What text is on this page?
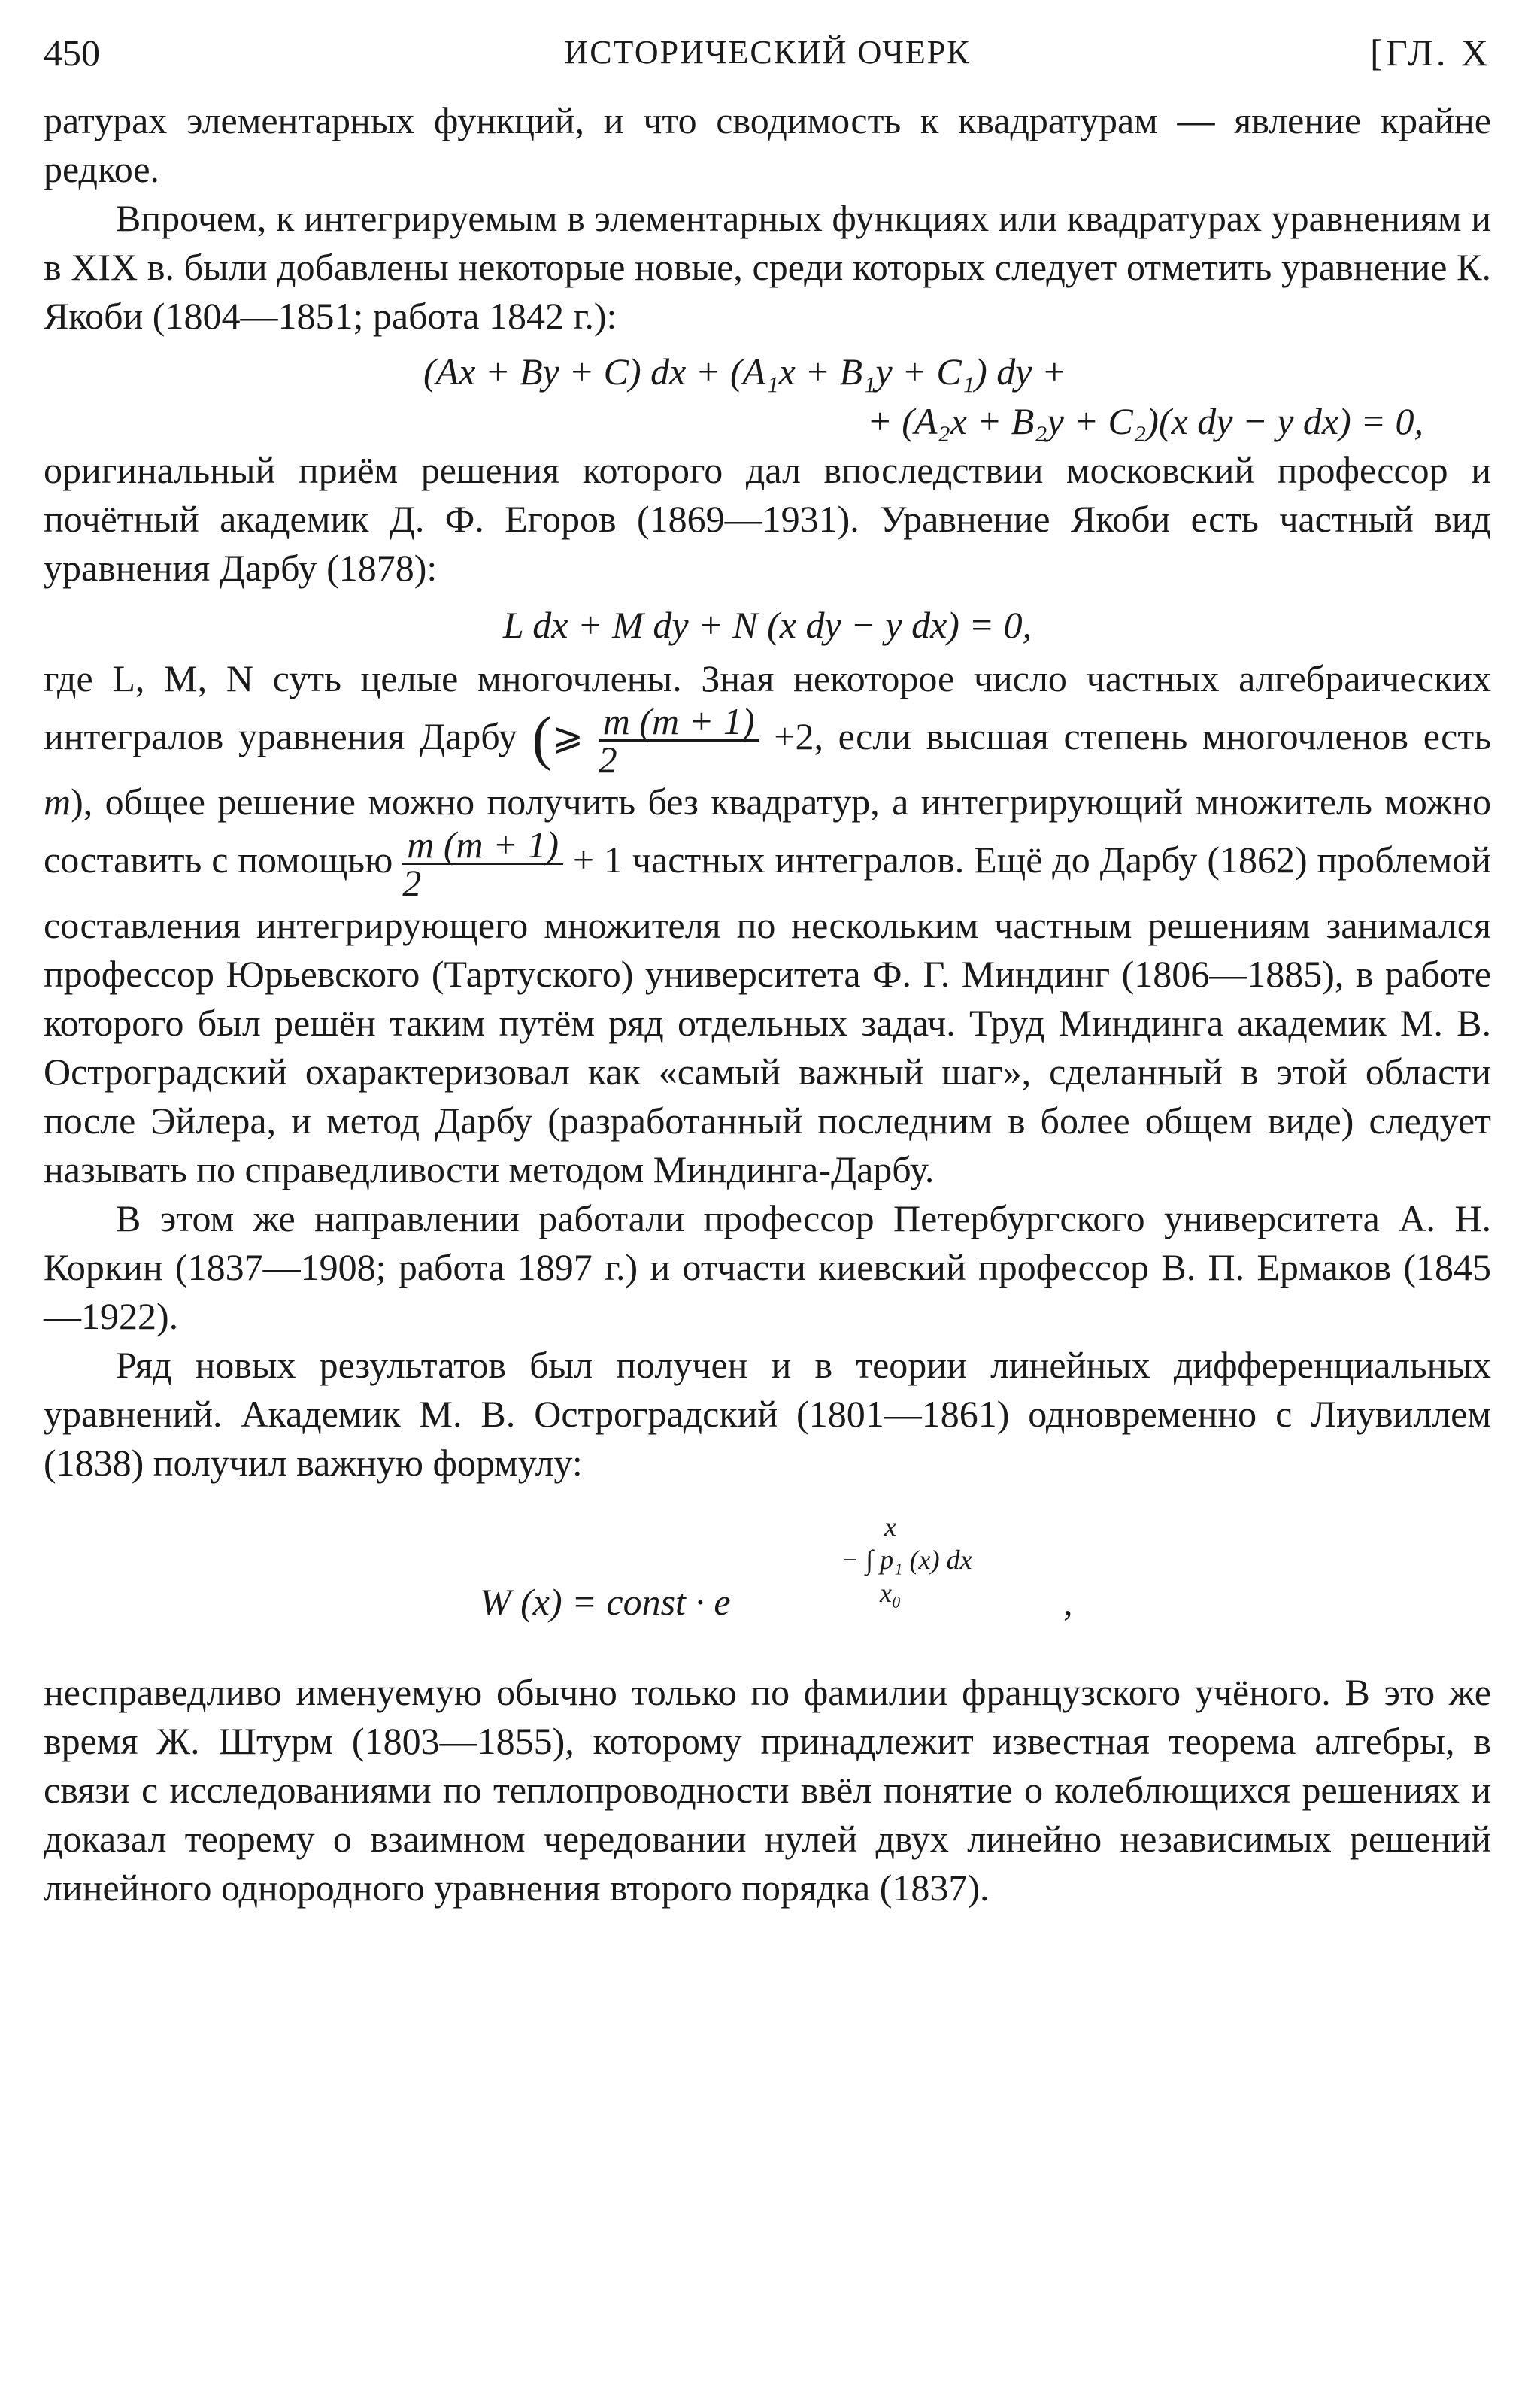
450	ИСТОРИЧЕСКИЙ ОЧЕРК	[ГЛ. X

ратурах элементарных функций, и что сводимость к квадратурам — явление крайне редкое.

Впрочем, к интегрируемым в элементарных функциях или квадратурах уравнениям и в XIX в. были добавлены некоторые новые, среди которых следует отметить уравнение К. Якоби (1804—1851; работа 1842 г.):

(Ax + By + C) dx + (A₁x + B₁y + C₁) dy +
+ (A₂x + B₂y + C₂)(x dy − y dx) = 0,

оригинальный приём решения которого дал впоследствии московский профессор и почётный академик Д. Ф. Егоров (1869—1931). Уравнение Якоби есть частный вид уравнения Дарбу (1878):

L dx + M dy + N (x dy − y dx) = 0,

где L, M, N суть целые многочлены. Зная некоторое число частных алгебраических интегралов уравнения Дарбу (⩾ $\frac{m (m + 1)}{2} +2$, если высшая степень многочленов есть m), общее решение можно получить без квадратур, а интегрирующий множитель можно составить с помощью $\frac{m (m + 1)}{2} + 1$ частных интегралов. Ещё до Дарбу (1862) проблемой составления интегрирующего множителя по нескольким частным решениям занимался профессор Юрьевского (Тартуского) университета Ф. Г. Миндинг (1806—1885), в работе которого был решён таким путём ряд отдельных задач. Труд Миндинга академик М. В. Остроградский охарактеризовал как «самый важный шаг», сделанный в этой области после Эйлера, и метод Дарбу (разработанный последним в более общем виде) следует называть по справедливости методом Миндинга-Дарбу.

В этом же направлении работали профессор Петербургского университета А. Н. Коркин (1837—1908; работа 1897 г.) и отчасти киевский профессор В. П. Ермаков (1845—1922).

Ряд новых результатов был получен и в теории линейных дифференциальных уравнений. Академик М. В. Остроградский (1801—1861) одновременно с Лиувиллем (1838) получил важную формулу:

W (x) = const · e
x
− ∫ p₁ (x) dx
x₀	,

несправедливо именуемую обычно только по фамилии французского учёного. В это же время Ж. Штурм (1803—1855), которому принадлежит известная теорема алгебры, в связи с исследованиями по теплопроводности ввёл понятие о колеблющихся решениях и доказал теорему о взаимном чередовании нулей двух линейно независимых решений линейного однородного уравнения второго порядка (1837).
